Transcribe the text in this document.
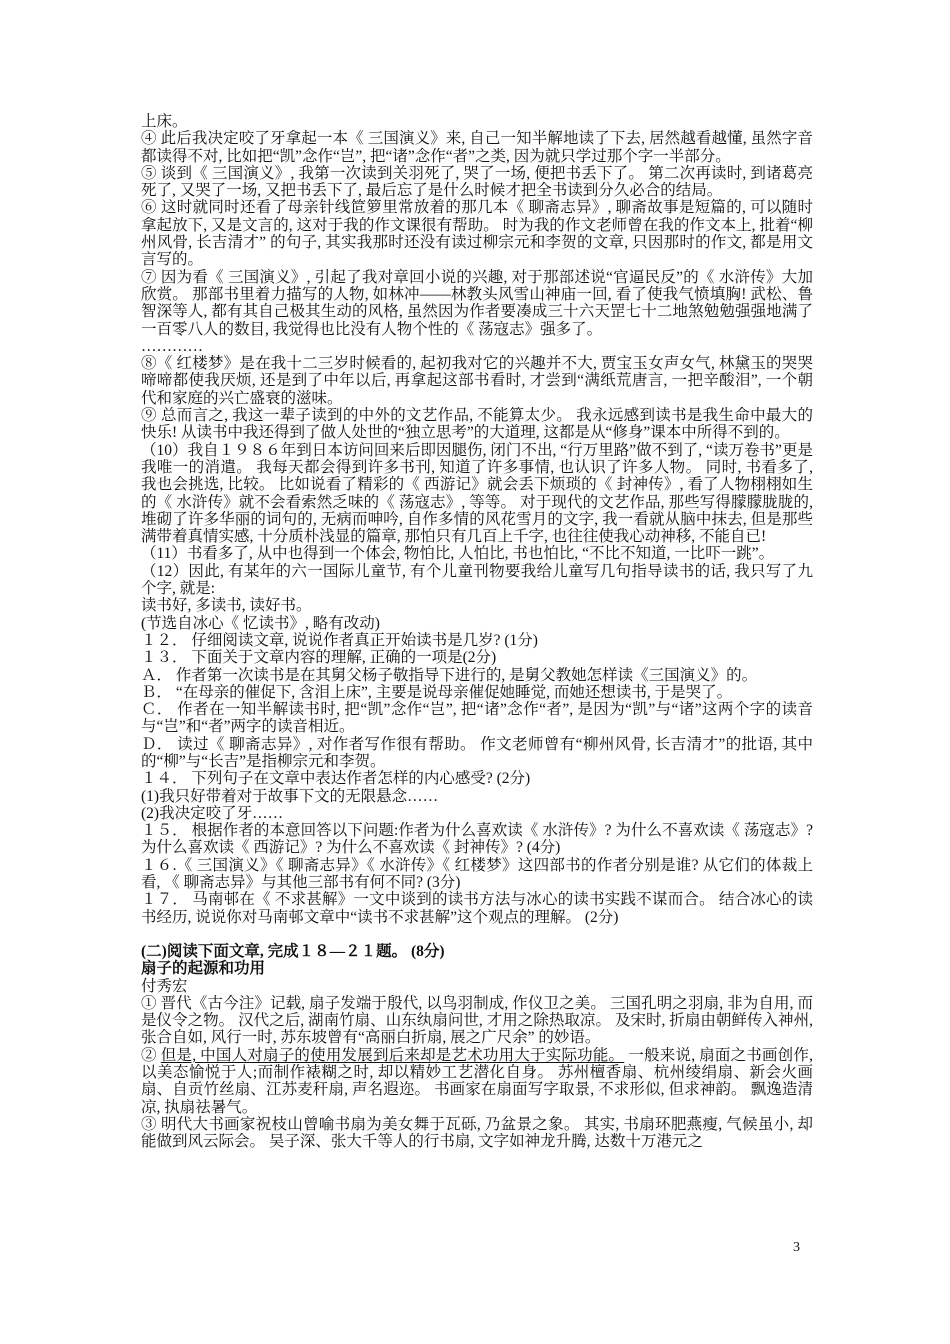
上床。

④ 此后我决定咬了牙拿起一本《 三国演义》来, 自己一知半解地读了下去, 居然越看越懂, 虽然字音都读得不对, 比如把“凯”念作“岂”, 把“诸”念作“者”之类, 因为就只学过那个字一半部分。

⑤ 谈到《 三国演义》, 我第一次读到关羽死了, 哭了一场, 便把书丢下了。 第二次再读时, 到诸葛亮死了, 又哭了一场, 又把书丢下了, 最后忘了是什么时候才把全书读到分久必合的结局。

⑥ 这时就同时还看了母亲针线笸箩里常放着的那几本《 聊斋志异》, 聊斋故事是短篇的, 可以随时拿起放下, 又是文言的, 这对于我的作文课很有帮助。 时为我的作文老师曾在我的作文本上, 批着“柳州风骨, 长吉清才” 的句子, 其实我那时还没有读过柳宗元和李贺的文章, 只因那时的作文, 都是用文言写的。

⑦ 因为看《 三国演义》, 引起了我对章回小说的兴趣, 对于那部述说“官逼民反”的《 水浒传》大加欣赏。 那部书里着力描写的人物, 如林冲——林教头风雪山神庙一回, 看了使我气愤填胸! 武松、鲁智深等人, 都有其自己极其生动的风格, 虽然因为作者要凑成三十六天罡七十二地煞勉勉强强地满了一百零八人的数目, 我觉得也比没有人物个性的《 荡寇志》强多了。

…………

⑧《 红楼梦》是在我十二三岁时候看的, 起初我对它的兴趣并不大, 贾宝玉女声女气, 林黛玉的哭哭啼啼都使我厌烦, 还是到了中年以后, 再拿起这部书看时, 才尝到“满纸荒唐言, 一把辛酸泪”, 一个朝代和家庭的兴亡盛衰的滋味。

⑨ 总而言之, 我这一辈子读到的中外的文艺作品, 不能算太少。 我永远感到读书是我生命中最大的快乐! 从读书中我还得到了做人处世的“独立思考”的大道理, 这都是从“修身”课本中所得不到的。

（10）我自１９８６年到日本访问回来后即因腿伤, 闭门不出, “行万里路”做不到了, “读万卷书”更是我唯一的消遣。 我每天都会得到许多书刊, 知道了许多事情, 也认识了许多人物。 同时, 书看多了, 我也会挑选, 比较。 比如说看了精彩的《 西游记》就会丢下烦琐的《 封神传》, 看了人物栩栩如生的《 水浒传》就不会看索然乏味的《 荡寇志》, 等等。 对于现代的文艺作品, 那些写得朦朦胧胧的, 堆砌了许多华丽的词句的, 无病而呻吟, 自作多情的风花雪月的文字, 我一看就从脑中抹去, 但是那些满带着真情实感, 十分质朴浅显的篇章, 那怕只有几百上千字, 也往往使我心动神移, 不能自已!

（11）书看多了, 从中也得到一个体会, 物怕比, 人怕比, 书也怕比, “不比不知道, 一比吓一跳”。

（12）因此, 有某年的六一国际儿童节, 有个儿童刊物要我给儿童写几句指导读书的话, 我只写了九个字, 就是:

读书好, 多读书, 读好书。

(节选自冰心《 忆读书》, 略有改动)

１２． 仔细阅读文章, 说说作者真正开始读书是几岁? (1分)

１３． 下面关于文章内容的理解, 正确的一项是(2分)

Ａ． 作者第一次读书是在其舅父杨子敬指导下进行的, 是舅父教她怎样读《三国演义》的。

Ｂ． “在母亲的催促下, 含泪上床”, 主要是说母亲催促她睡觉, 而她还想读书, 于是哭了。

Ｃ． 作者在一知半解读书时, 把“凯”念作“岂”, 把“诸”念作“者”, 是因为“凯”与“诸”这两个字的读音与“岂”和“者”两字的读音相近。

Ｄ． 读过《 聊斋志异》, 对作者写作很有帮助。 作文老师曾有“柳州风骨, 长吉清才”的批语, 其中的“柳”与“长吉”是指柳宗元和李贺。

１４． 下列句子在文章中表达作者怎样的内心感受? (2分)

(1)我只好带着对于故事下文的无限悬念……

(2)我决定咬了牙……

１５． 根据作者的本意回答以下问题:作者为什么喜欢读《 水浒传》? 为什么不喜欢读《 荡寇志》? 为什么喜欢读《 西游记》? 为什么不喜欢读《 封神传》? (4分)

１６.《 三国演义》《 聊斋志异》《 水浒传》《 红楼梦》这四部书的作者分别是谁? 从它们的体裁上看, 《 聊斋志异》与其他三部书有何不同? (3分)

１７． 马南邨在《 不求甚解》一文中谈到的读书方法与冰心的读书实践不谋而合。 结合冰心的读书经历, 说说你对马南邨文章中“读书不求甚解”这个观点的理解。 (2分)

(二)阅读下面文章, 完成１８—２１题。 (8分)

扇子的起源和功用

付秀宏

① 晋代《古今注》记载, 扇子发端于殷代, 以鸟羽制成, 作仪卫之美。 三国孔明之羽扇, 非为自用, 而是仪令之物。 汉代之后, 湖南竹扇、山东纨扇问世, 才用之除热取凉。 及宋时, 折扇由朝鲜传入神州, 张合自如, 风行一时, 苏东坡曾有“高丽白折扇, 展之广尺余” 的妙语。

② 但是, 中国人对扇子的使用发展到后来却是艺术功用大于实际功能。 一般来说, 扇面之书画创作, 以美态愉悦于人;而制作裱糊之时, 却以精妙工艺潜化自身。 苏州檀香扇、杭州绫绢扇、新会火画扇、自贡竹丝扇、江苏麦秆扇, 声名遐迩。 书画家在扇面写字取景, 不求形似, 但求神韵。 飘逸造清凉, 执扇祛暑气。

③ 明代大书画家祝枝山曾喻书扇为美女舞于瓦砾, 乃盆景之象。 其实, 书扇环肥燕瘦, 气候虽小, 却能做到风云际会。 吴子深、张大千等人的行书扇, 文字如神龙升腾, 达数十万港元之

3
